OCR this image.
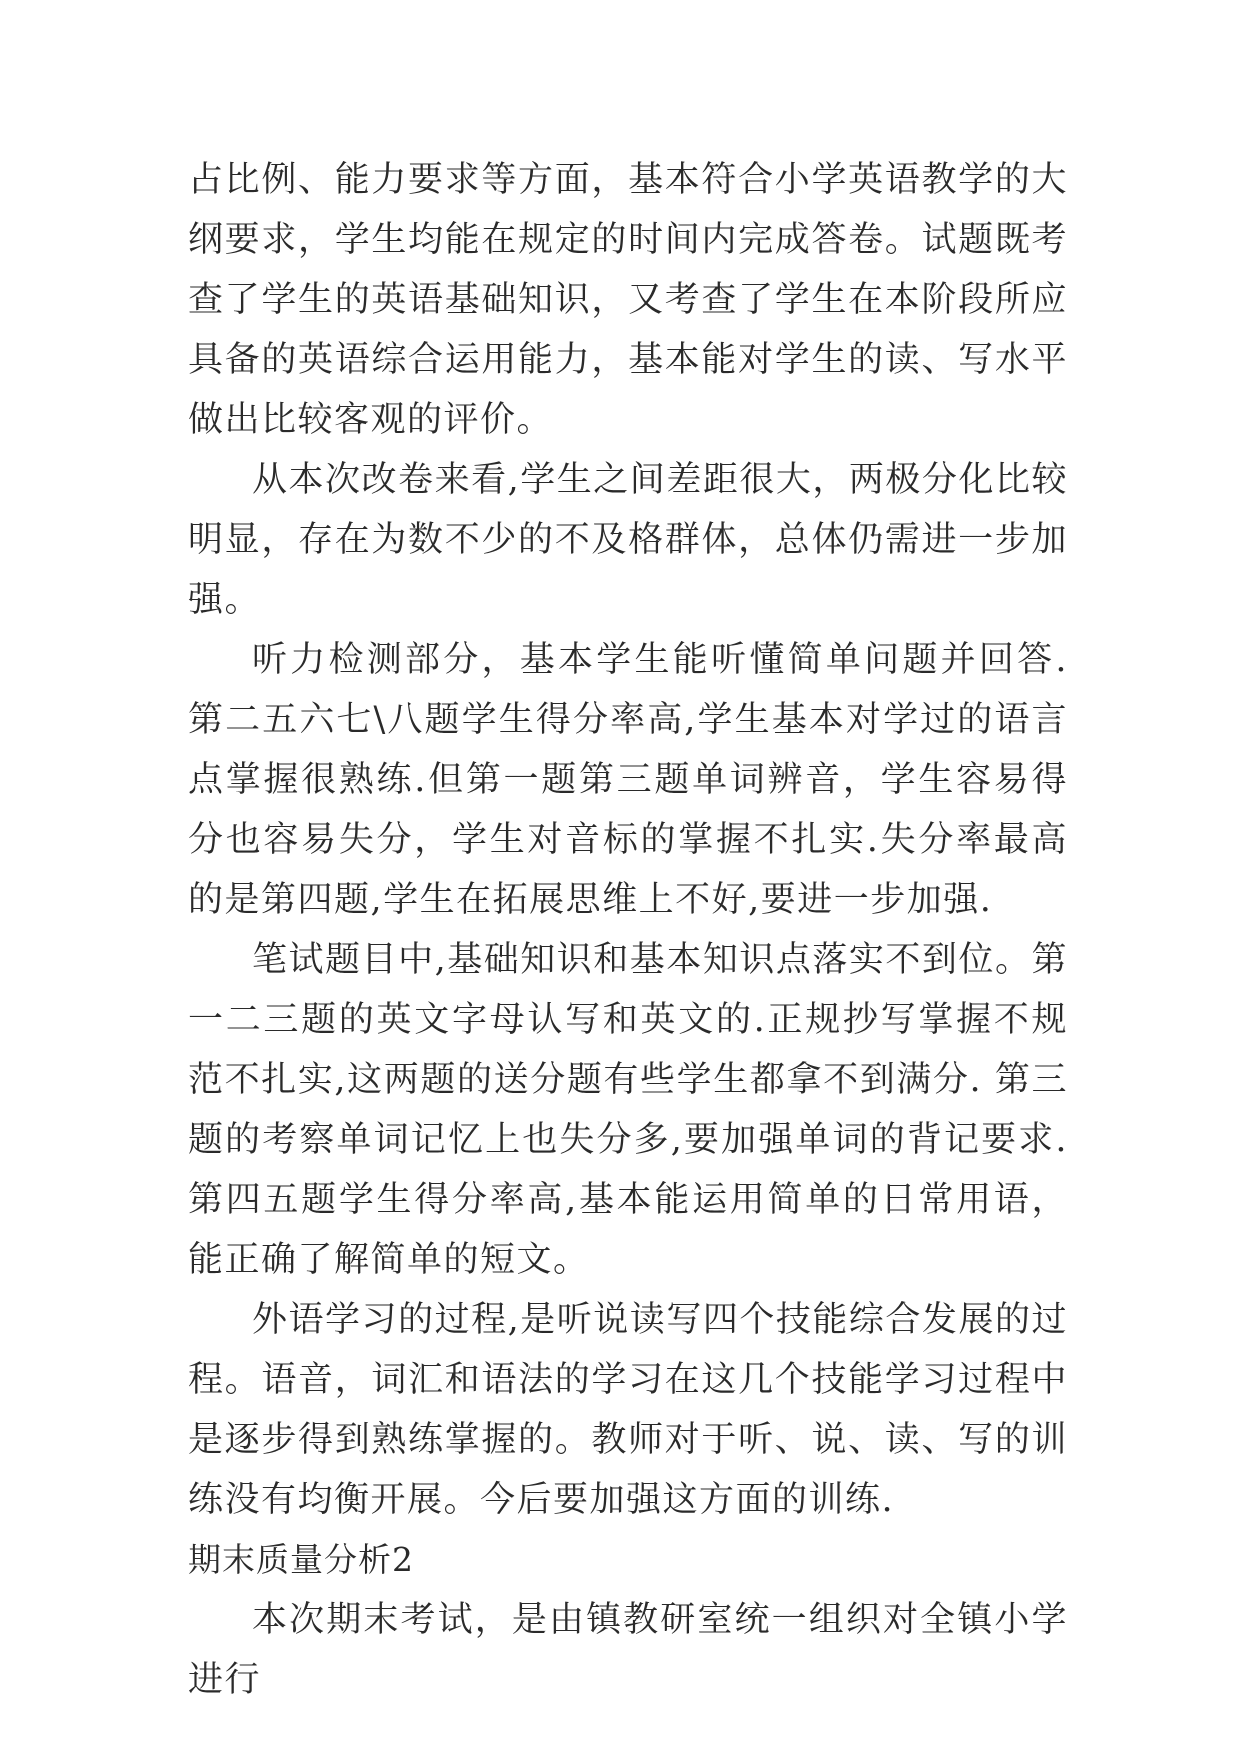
占比例、能力要求等方面，基本符合小学英语教学的大纲要求，学生均能在规定的时间内完成答卷。试题既考查了学生的英语基础知识，又考查了学生在本阶段所应具备的英语综合运用能力，基本能对学生的读、写水平做出比较客观的评价。

从本次改卷来看,学生之间差距很大，两极分化比较明显，存在为数不少的不及格群体，总体仍需进一步加强。

听力检测部分，基本学生能听懂简单问题并回答. 第二五六七\八题学生得分率高,学生基本对学过的语言点掌握很熟练.但第一题第三题单词辨音，学生容易得分也容易失分，学生对音标的掌握不扎实.失分率最高的是第四题,学生在拓展思维上不好,要进一步加强.

笔试题目中,基础知识和基本知识点落实不到位。第一二三题的英文字母认写和英文的.正规抄写掌握不规范不扎实,这两题的送分题有些学生都拿不到满分. 第三题的考察单词记忆上也失分多,要加强单词的背记要求.第四五题学生得分率高,基本能运用简单的日常用语，能正确了解简单的短文。

外语学习的过程,是听说读写四个技能综合发展的过程。语音，词汇和语法的学习在这几个技能学习过程中是逐步得到熟练掌握的。教师对于听、说、读、写的训练没有均衡开展。今后要加强这方面的训练.

期末质量分析2

本次期末考试，是由镇教研室统一组织对全镇小学进行
